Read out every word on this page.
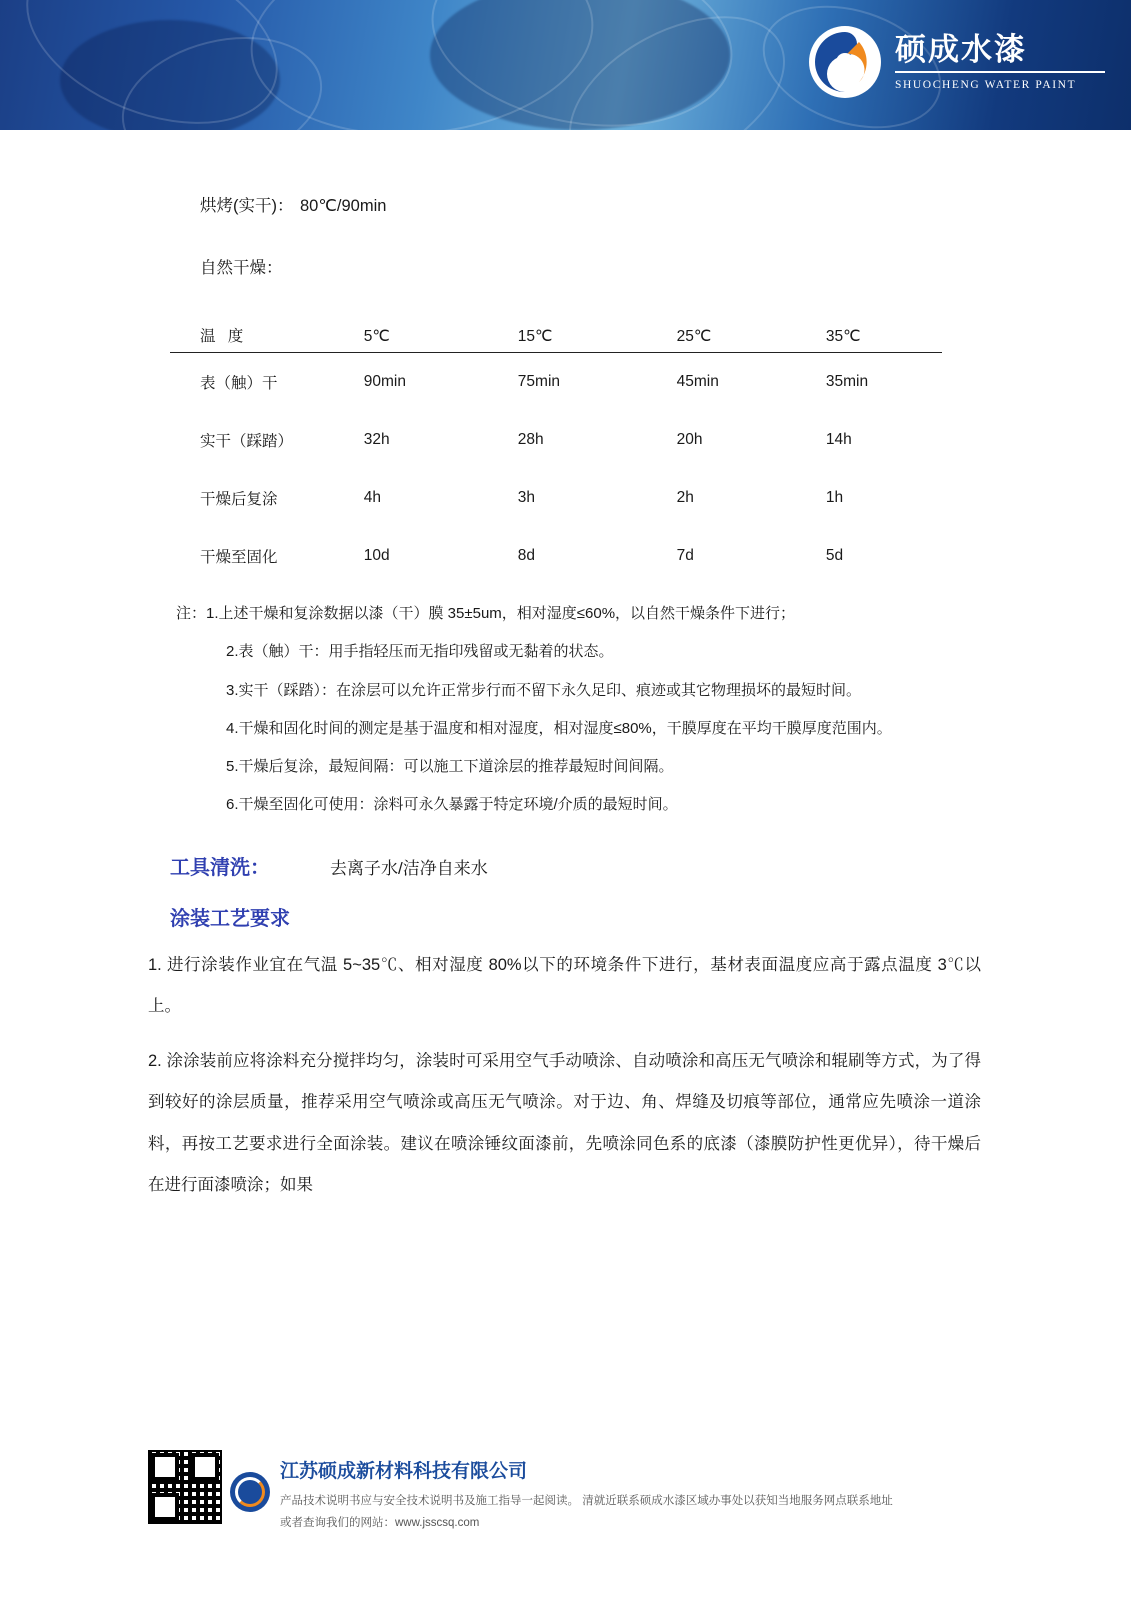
硕成水漆
SHUOCHENG WATER PAINT
烘烤(实干)： 80℃/90min
自然干燥：
温 度	5℃	15℃	25℃	35℃
表（触）干	90min	75min	45min	35min
实干（踩踏）	32h	28h	20h	14h
干燥后复涂	4h	3h	2h	1h
干燥至固化	10d	8d	7d	5d
注：1.上述干燥和复涂数据以漆（干）膜 35±5um，相对湿度≤60%，以自然干燥条件下进行；
2.表（触）干：用手指轻压而无指印残留或无黏着的状态。
3.实干（踩踏）：在涂层可以允许正常步行而不留下永久足印、痕迹或其它物理损坏的最短时间。
4.干燥和固化时间的测定是基于温度和相对湿度，相对湿度≤80%，干膜厚度在平均干膜厚度范围内。
5.干燥后复涂，最短间隔：可以施工下道涂层的推荐最短时间间隔。
6.干燥至固化可使用：涂料可永久暴露于特定环境/介质的最短时间。
工具清洗：	去离子水/洁净自来水
涂装工艺要求
1. 进行涂装作业宜在气温 5~35℃、相对湿度 80%以下的环境条件下进行，基材表面温度应高于露点温度 3℃以上。
2. 涂涂装前应将涂料充分搅拌均匀，涂装时可采用空气手动喷涂、自动喷涂和高压无气喷涂和辊刷等方式，为了得到较好的涂层质量，推荐采用空气喷涂或高压无气喷涂。对于边、角、焊缝及切痕等部位，通常应先喷涂一道涂料，再按工艺要求进行全面涂装。建议在喷涂锤纹面漆前，先喷涂同色系的底漆（漆膜防护性更优异），待干燥后在进行面漆喷涂；如果
江苏硕成新材料科技有限公司
产品技术说明书应与安全技术说明书及施工指导一起阅读。 清就近联系硕成水漆区域办事处以获知当地服务网点联系地址
或者查询我们的网站：www.jsscsq.com
